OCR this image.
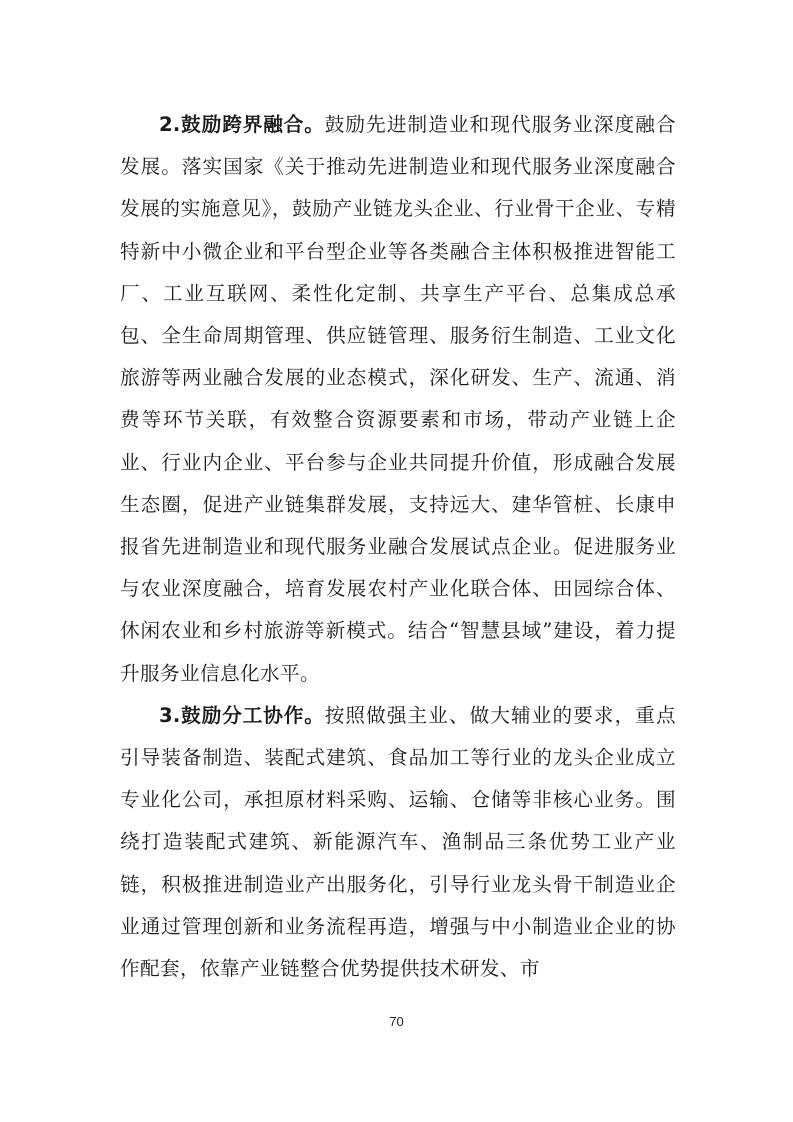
2.鼓励跨界融合。鼓励先进制造业和现代服务业深度融合发展。落实国家《关于推动先进制造业和现代服务业深度融合发展的实施意见》，鼓励产业链龙头企业、行业骨干企业、专精特新中小微企业和平台型企业等各类融合主体积极推进智能工厂、工业互联网、柔性化定制、共享生产平台、总集成总承包、全生命周期管理、供应链管理、服务衍生制造、工业文化旅游等两业融合发展的业态模式，深化研发、生产、流通、消费等环节关联，有效整合资源要素和市场，带动产业链上企业、行业内企业、平台参与企业共同提升价值，形成融合发展生态圈，促进产业链集群发展，支持远大、建华管桩、长康申报省先进制造业和现代服务业融合发展试点企业。促进服务业与农业深度融合，培育发展农村产业化联合体、田园综合体、休闲农业和乡村旅游等新模式。结合“智慧县域”建设，着力提升服务业信息化水平。

3.鼓励分工协作。按照做强主业、做大辅业的要求，重点引导装备制造、装配式建筑、食品加工等行业的龙头企业成立专业化公司，承担原材料采购、运输、仓储等非核心业务。围绕打造装配式建筑、新能源汽车、渔制品三条优势工业产业链，积极推进制造业产出服务化，引导行业龙头骨干制造业企业通过管理创新和业务流程再造，增强与中小制造业企业的协作配套，依靠产业链整合优势提供技术研发、市

70
